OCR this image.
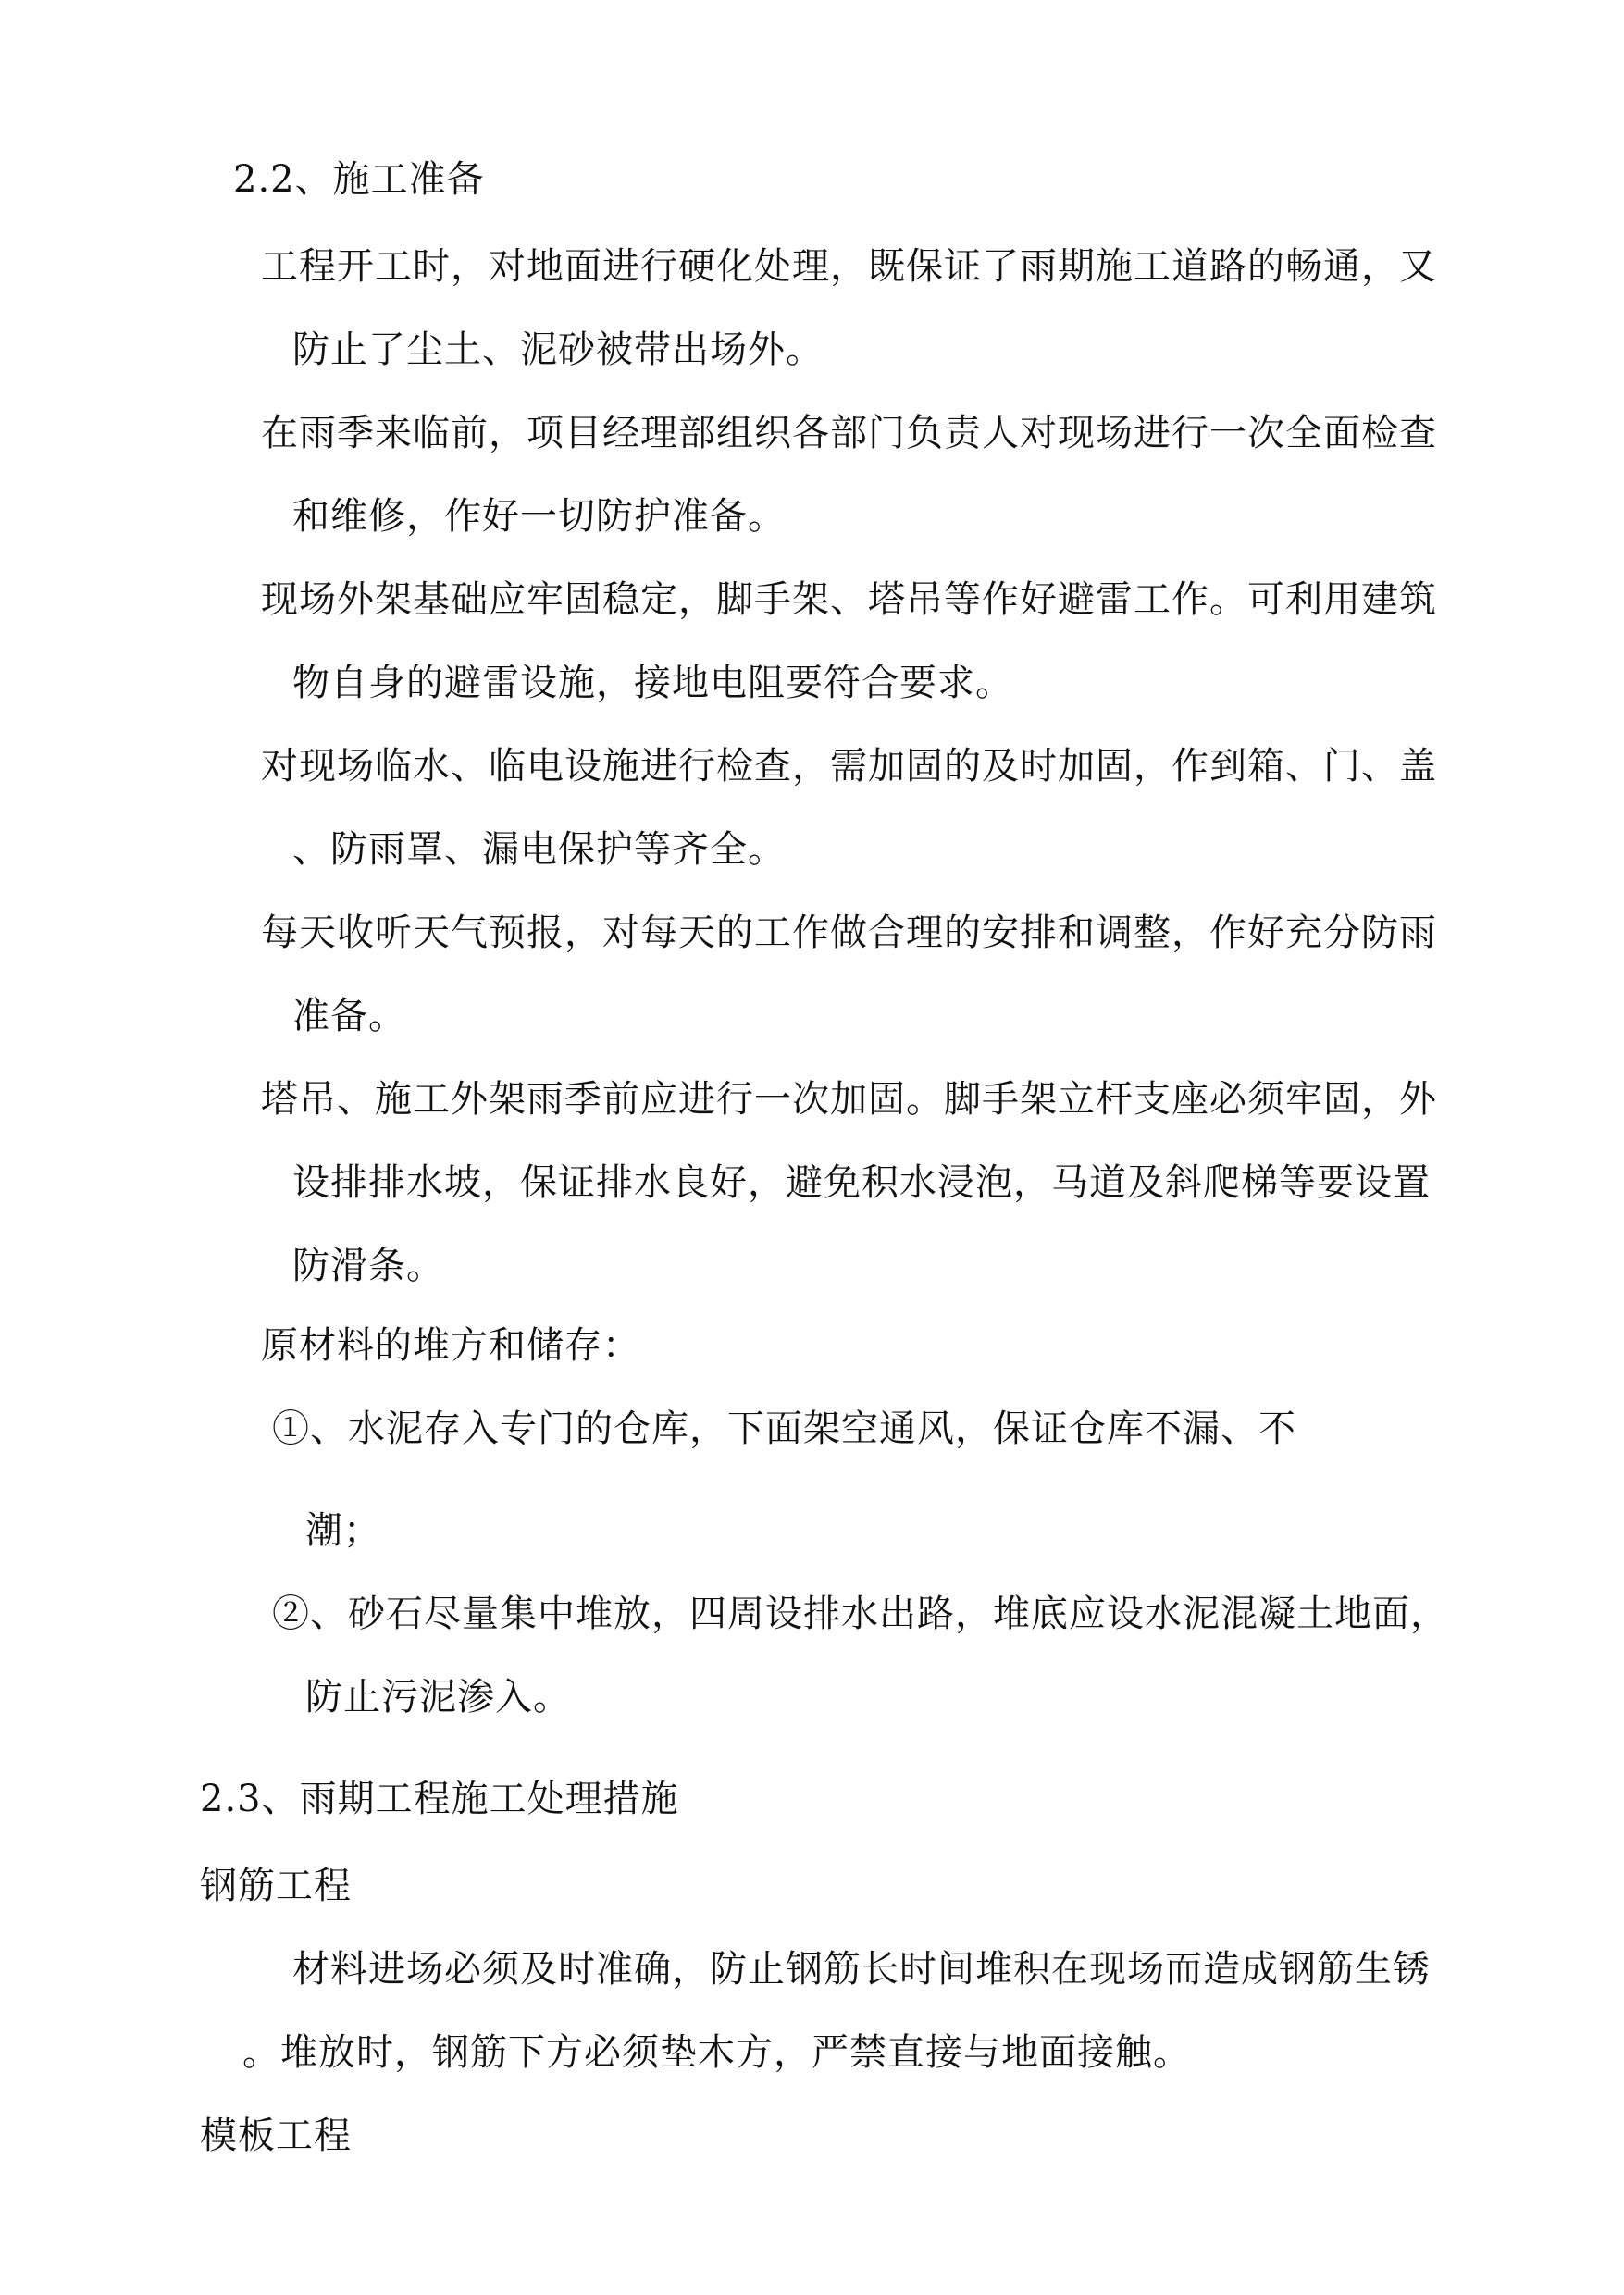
2.2、施工准备
工程开工时，对地面进行硬化处理，既保证了雨期施工道路的畅通，又
防止了尘土、泥砂被带出场外。
在雨季来临前，项目经理部组织各部门负责人对现场进行一次全面检查
和维修，作好一切防护准备。
现场外架基础应牢固稳定，脚手架、塔吊等作好避雷工作。可利用建筑
物自身的避雷设施，接地电阻要符合要求。
对现场临水、临电设施进行检查，需加固的及时加固，作到箱、门、盖
、防雨罩、漏电保护等齐全。
每天收听天气预报，对每天的工作做合理的安排和调整，作好充分防雨
准备。
塔吊、施工外架雨季前应进行一次加固。脚手架立杆支座必须牢固，外
设排排水坡，保证排水良好，避免积水浸泡，马道及斜爬梯等要设置
防滑条。
原材料的堆方和储存：
①、水泥存入专门的仓库，下面架空通风，保证仓库不漏、不
潮；
②、砂石尽量集中堆放，四周设排水出路，堆底应设水泥混凝土地面，
防止污泥渗入。
2.3、雨期工程施工处理措施
钢筋工程
材料进场必须及时准确，防止钢筋长时间堆积在现场而造成钢筋生锈
。堆放时，钢筋下方必须垫木方，严禁直接与地面接触。
模板工程
